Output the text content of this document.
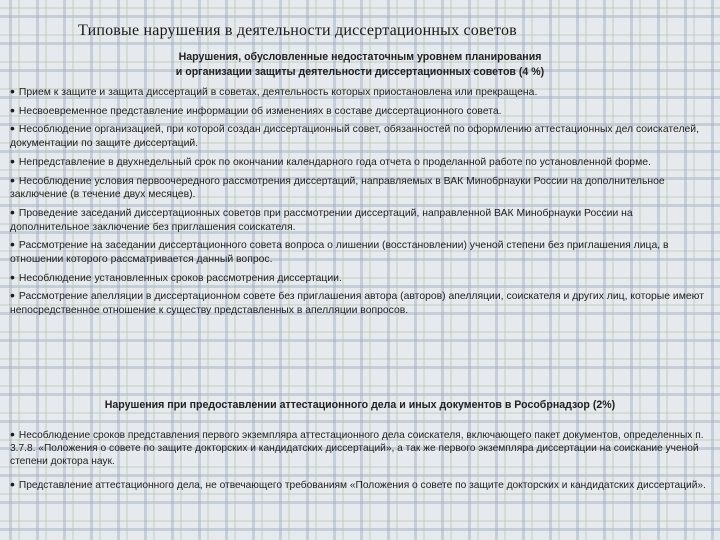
Типовые нарушения в деятельности диссертационных советов
Нарушения, обусловленные недостаточным уровнем планирования
и организации защиты деятельности диссертационных советов (4 %)
• Прием к защите и защита диссертаций в советах, деятельность которых приостановлена или прекращена.
• Несвоевременное представление информации об изменениях в составе диссертационного совета.
• Несоблюдение организацией, при которой создан диссертационный совет, обязанностей по оформлению аттестационных дел соискателей, документации по защите диссертаций.
• Непредставление в двухнедельный срок по окончании календарного года отчета о проделанной работе по установленной форме.
• Несоблюдение условия первоочередного рассмотрения диссертаций, направляемых в ВАК Минобрнауки России на дополнительное заключение (в течение двух месяцев).
• Проведение заседаний диссертационных советов при рассмотрении диссертаций, направленной ВАК Минобрнауки России на дополнительное заключение без приглашения соискателя.
• Рассмотрение на заседании диссертационного совета вопроса о лишении (восстановлении) ученой степени без приглашения лица, в отношении которого рассматривается данный вопрос.
• Несоблюдение установленных сроков рассмотрения диссертации.
• Рассмотрение апелляции в диссертационном совете без приглашения автора (авторов) апелляции, соискателя и других лиц, которые имеют непосредственное отношение к существу представленных в апелляции вопросов.
Нарушения при предоставлении аттестационного дела и иных документов в Рособрнадзор (2%)
• Несоблюдение сроков представления первого экземпляра аттестационного дела соискателя, включающего пакет документов, определенных п. 3.7.8. «Положения о совете по защите докторских и кандидатских диссертаций», а так же первого экземпляра диссертации на соискание ученой степени доктора наук.
• Представление аттестационного дела, не отвечающего требованиям «Положения о совете по защите докторских и кандидатских диссертаций».
